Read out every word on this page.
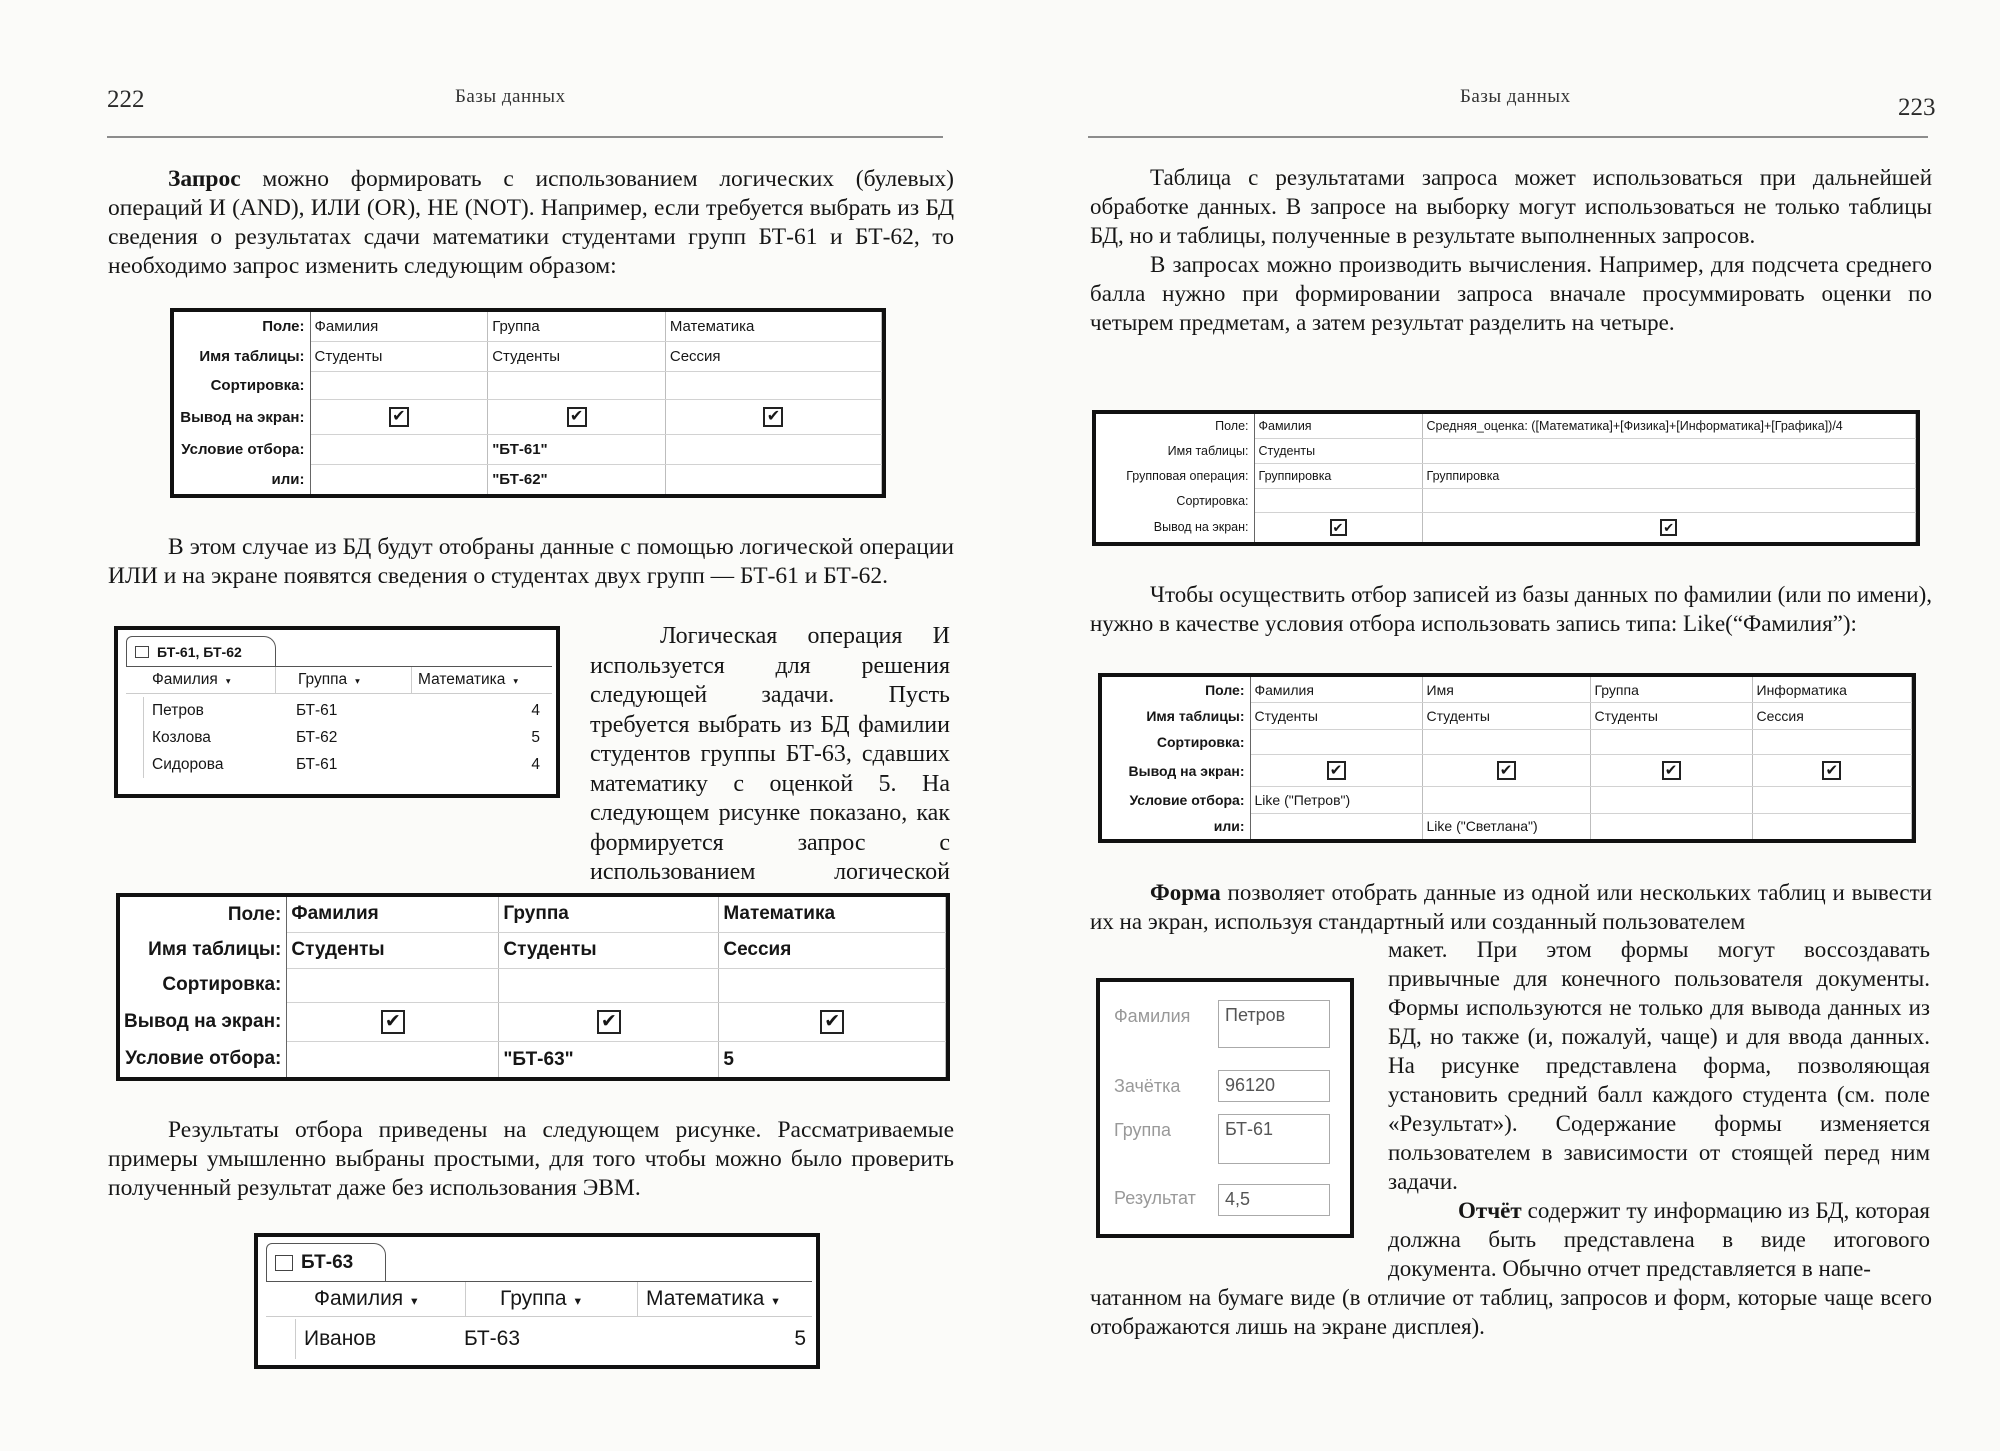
222	Базы данных

Запрос можно формировать с использованием логических (булевых) операций И (AND), ИЛИ (OR), НЕ (NOT). Например, если требуется выбрать из БД сведения о результатах сдачи математики студентами групп БТ-61 и БТ-62, то необходимо запрос изменить следующим образом:

Поле:	Фамилия	Группа	Математика
Имя таблицы:	Студенты	Студенты	Сессия
Сортировка:			
Вывод на экран:	✔	✔	✔
Условие отбора:		"БТ-61"	
или:		"БТ-62"	

В этом случае из БД будут отобраны данные с помощью логической операции ИЛИ и на экране появятся сведения о студентах двух групп — БТ-61 и БТ-62.

БТ-61, БТ-62
Фамилия ▾	Группа ▾	Математика ▾
Петров	БТ-61	4
Козлова	БТ-62	5
Сидорова	БТ-61	4

Логическая операция И используется для решения следующей задачи. Пусть требуется выбрать из БД фамилии студентов группы БТ-63, сдавших математику с оценкой 5. На следующем рисунке показано, как формируется запрос с использованием логической

Поле:	Фамилия	Группа	Математика
Имя таблицы:	Студенты	Студенты	Сессия
Сортировка:			
Вывод на экран:	✔	✔	✔
Условие отбора:		"БТ-63"	5

Результаты отбора приведены на следующем рисунке. Рассматриваемые примеры умышленно выбраны простыми, для того чтобы можно было проверить полученный результат даже без использования ЭВМ.

БТ-63
Фамилия ▾	Группа ▾	Математика ▾
Иванов	БТ-63	5
Базы данных	223

Таблица с результатами запроса может использоваться при дальнейшей обработке данных. В запросе на выборку могут использоваться не только таблицы БД, но и таблицы, полученные в результате выполненных запросов.

В запросах можно производить вычисления. Например, для подсчета среднего балла нужно при формировании запроса вначале просуммировать оценки по четырем предметам, а затем результат разделить на четыре.

Поле:	Фамилия	Средняя_оценка: ([Математика]+[Физика]+[Информатика]+[Графика])/4
Имя таблицы:	Студенты	
Групповая операция:	Группировка	Группировка
Сортировка:		
Вывод на экран:	✔	✔

Чтобы осуществить отбор записей из базы данных по фамилии (или по имени), нужно в качестве условия отбора использовать запись типа: Like(“Фамилия”):

Поле:	Фамилия	Имя	Группа	Информатика
Имя таблицы:	Студенты	Студенты	Студенты	Сессия
Сортировка:				
Вывод на экран:	✔	✔	✔	✔
Условие отбора:	Like ("Петров")			
или:		Like ("Светлана")		

Форма позволяет отобрать данные из одной или нескольких таблиц и вывести их на экран, используя стандартный или созданный пользователем

Фамилия	Петров
Зачётка	96120
Группа	БТ-61
Результат	4,5

макет. При этом формы могут воссоздавать привычные для конечного пользователя документы. Формы используются не только для вывода данных из БД, но также (и, пожалуй, чаще) и для ввода данных. На рисунке представлена форма, позволяющая установить средний балл каждого студента (см. поле «Результат»). Содержание формы изменяется пользователем в зависимости от стоящей перед ним задачи.

Отчёт содержит ту информацию из БД, которая должна быть представлена в виде итогового документа. Обычно отчет представляется в напе-

чатанном на бумаге виде (в отличие от таблиц, запросов и форм, которые чаще всего отображаются лишь на экране дисплея).
